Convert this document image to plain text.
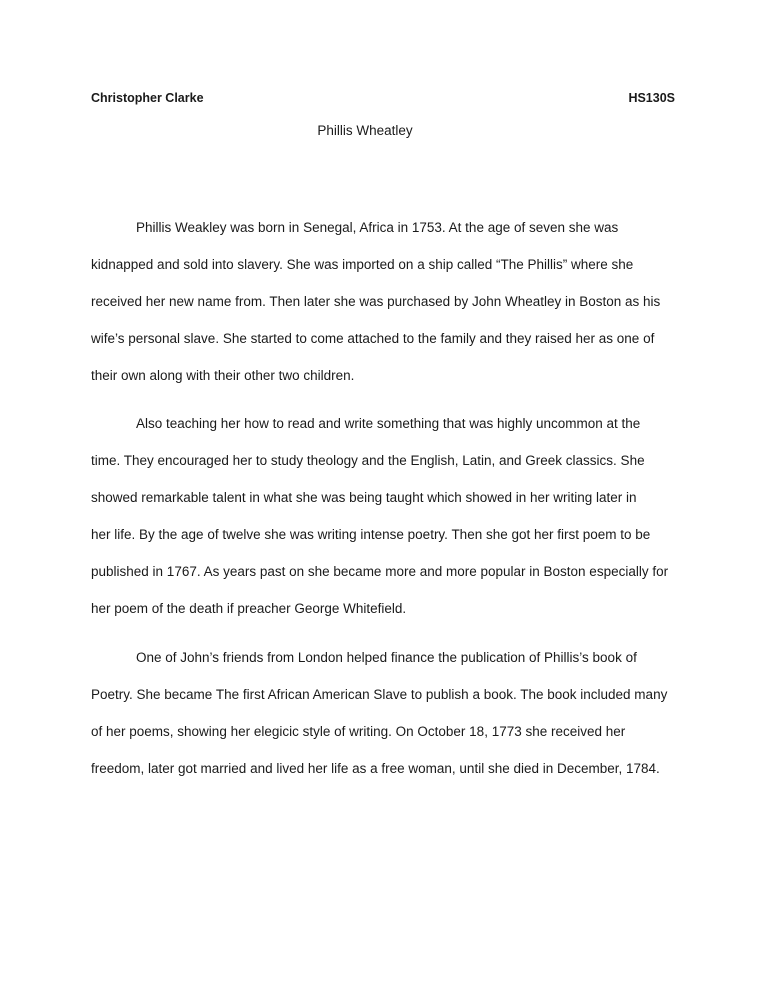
Christopher Clarke	HS130S
Phillis Wheatley
Phillis Weakley was born in Senegal, Africa in 1753. At the age of seven she was
kidnapped and sold into slavery. She was imported on a ship called “The Phillis” where she
received her new name from. Then later she was purchased by John Wheatley in Boston as his
wife’s personal slave. She started to come attached to the family and they raised her as one of
their own along with their other two children.
Also teaching her how to read and write something that was highly uncommon at the
time. They encouraged her to study theology and the English, Latin, and Greek classics. She
showed remarkable talent in what she was being taught which showed in her writing later in
her life. By the age of twelve she was writing intense poetry. Then she got her first poem to be
published in 1767. As years past on she became more and more popular in Boston especially for
her poem of the death if preacher George Whitefield.
One of John’s friends from London helped finance the publication of Phillis’s book of
Poetry. She became The first African American Slave to publish a book. The book included many
of her poems, showing her elegicic style of writing. On October 18, 1773 she received her
freedom, later got married and lived her life as a free woman, until she died in December, 1784.
